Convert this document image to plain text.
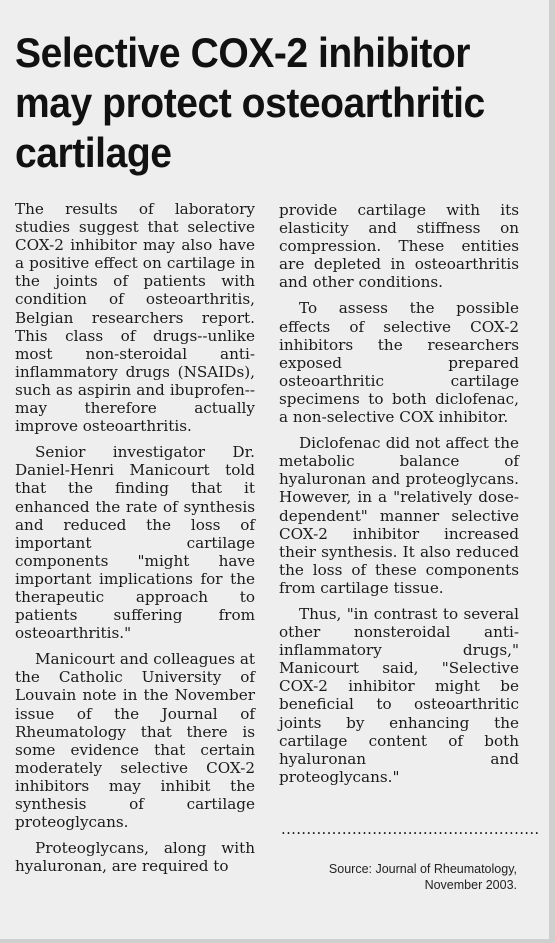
Selective COX-2 inhibitor may protect osteoarthritic cartilage

The results of laboratory studies suggest that selective COX-2 inhibitor may also have a positive effect on cartilage in the joints of patients with condition of osteoarthritis, Belgian researchers report. This class of drugs--unlike most non-steroidal anti-inflammatory drugs (NSAIDs), such as aspirin and ibuprofen--may therefore actually improve osteoarthritis.

Senior investigator Dr. Daniel-Henri Manicourt told that the finding that it enhanced the rate of synthesis and reduced the loss of important cartilage components "might have important implications for the therapeutic approach to patients suffering from osteoarthritis."

Manicourt and colleagues at the Catholic University of Louvain note in the November issue of the Journal of Rheumatology that there is some evidence that certain moderately selective COX-2 inhibitors may inhibit the synthesis of cartilage proteoglycans.

Proteoglycans, along with hyaluronan, are required to

provide cartilage with its elasticity and stiffness on compression. These entities are depleted in osteoarthritis and other conditions.

To assess the possible effects of selective COX-2 inhibitors the researchers exposed prepared osteoarthritic cartilage specimens to both diclofenac, a non-selective COX inhibitor.

Diclofenac did not affect the metabolic balance of hyaluronan and proteoglycans. However, in a "relatively dose-dependent" manner selective COX-2 inhibitor increased their synthesis. It also reduced the loss of these components from cartilage tissue.

Thus, "in contrast to several other nonsteroidal anti-inflammatory drugs," Manicourt said, "Selective COX-2 inhibitor might be beneficial to osteoarthritic joints by enhancing the cartilage content of both hyaluronan and proteoglycans."

...................................................
Source: Journal of Rheumatology,
November 2003.
